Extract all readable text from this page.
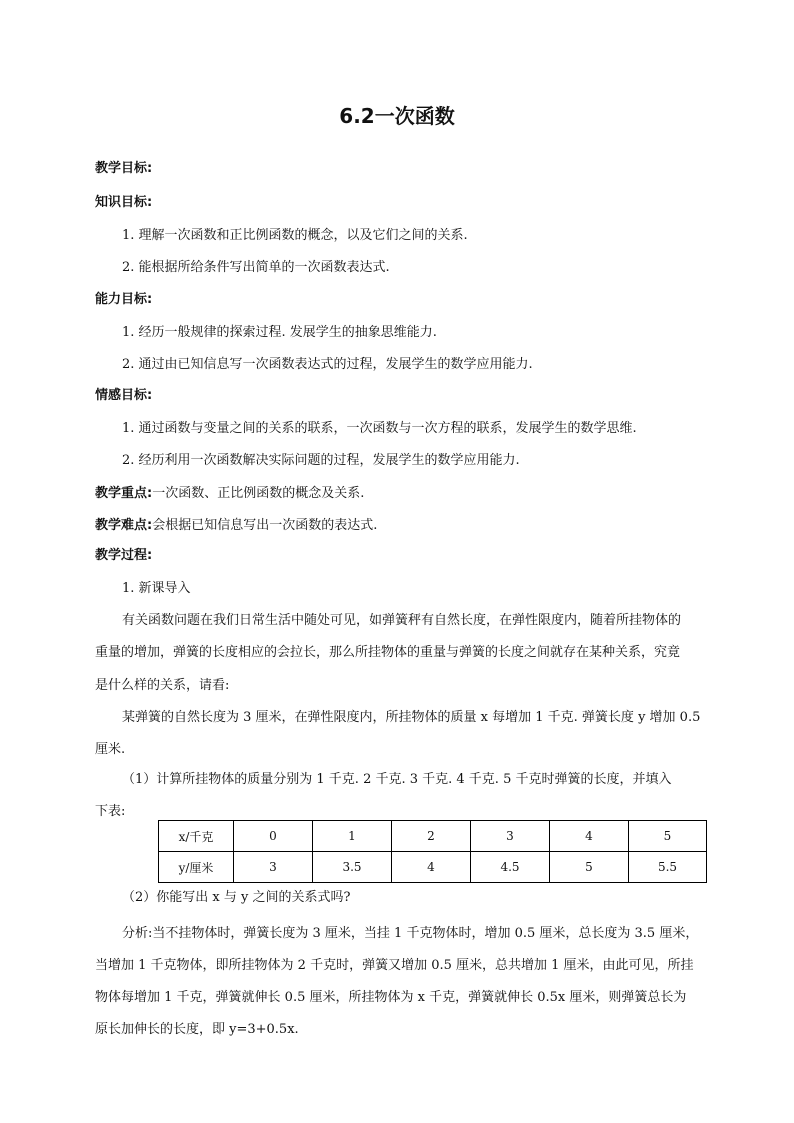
6.2一次函数
教学目标:
知识目标:
1. 理解一次函数和正比例函数的概念，以及它们之间的关系.
2. 能根据所给条件写出简单的一次函数表达式.
能力目标:
1. 经历一般规律的探索过程. 发展学生的抽象思维能力.
2. 通过由已知信息写一次函数表达式的过程，发展学生的数学应用能力.
情感目标:
1. 通过函数与变量之间的关系的联系，一次函数与一次方程的联系，发展学生的数学思维.
2. 经历利用一次函数解决实际问题的过程，发展学生的数学应用能力.
教学重点:一次函数、正比例函数的概念及关系.
教学难点:会根据已知信息写出一次函数的表达式.
教学过程:
1. 新课导入
有关函数问题在我们日常生活中随处可见，如弹簧秤有自然长度，在弹性限度内，随着所挂物体的
重量的增加，弹簧的长度相应的会拉长，那么所挂物体的重量与弹簧的长度之间就存在某种关系，究竟
是什么样的关系，请看:
某弹簧的自然长度为 3 厘米，在弹性限度内，所挂物体的质量 x 每增加 1 千克. 弹簧长度 y 增加 0.5
厘米.
（1）计算所挂物体的质量分别为 1 千克. 2 千克. 3 千克. 4 千克. 5 千克时弹簧的长度，并填入
下表:
x/千克	0	1	2	3	4	5
y/厘米	3	3.5	4	4.5	5	5.5
（2）你能写出 x 与 y 之间的关系式吗?
分析:当不挂物体时，弹簧长度为 3 厘米，当挂 1 千克物体时，增加 0.5 厘米，总长度为 3.5 厘米，
当增加 1 千克物体，即所挂物体为 2 千克时，弹簧又增加 0.5 厘米，总共增加 1 厘米，由此可见，所挂
物体每增加 1 千克，弹簧就伸长 0.5 厘米，所挂物体为 x 千克，弹簧就伸长 0.5x 厘米，则弹簧总长为
原长加伸长的长度，即 y=3+0.5x.
